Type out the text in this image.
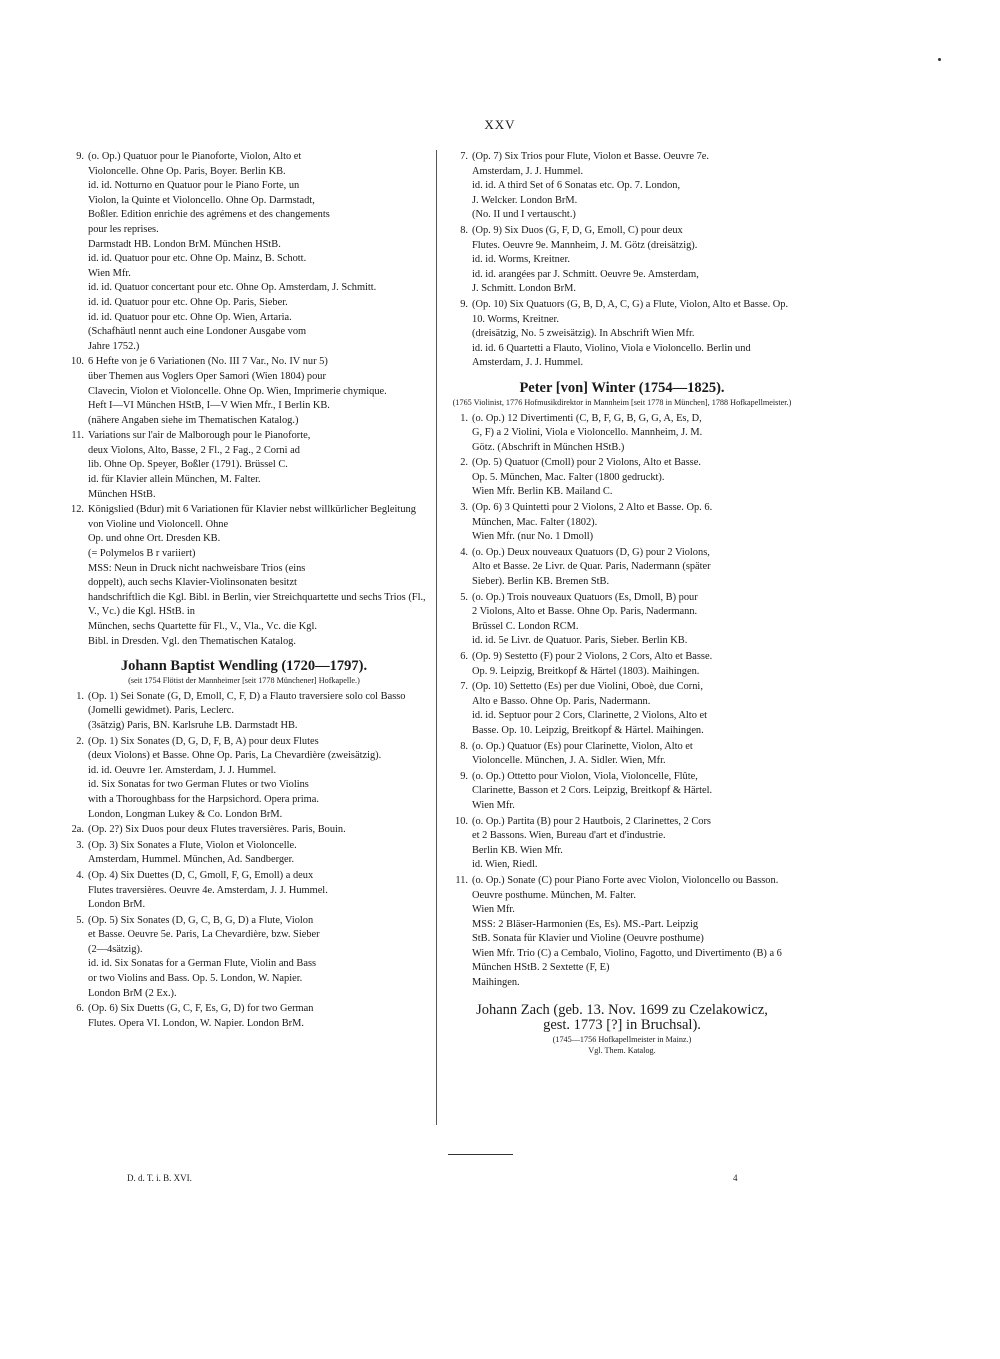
XXV
9. (o. Op.) Quatuor pour le Pianoforte, Violon, Alto et
Violoncelle. Ohne Op. Paris, Boyer. Berlin KB.
id. id. Notturno en Quatuor pour le Piano Forte, un
Violon, la Quinte et Violoncello. Ohne Op. Darmstadt,
Boßler. Edition enrichie des agrémens et des changements
pour les reprises.
Darmstadt HB. London BrM. München HStB.
id. id. Quatuor pour etc. Ohne Op. Mainz, B. Schott.
Wien Mfr.
id. id. Quatuor concertant pour etc. Ohne Op. Amsterdam, J. Schmitt.
id. id. Quatuor pour etc. Ohne Op. Paris, Sieber.
id. id. Quatuor pour etc. Ohne Op. Wien, Artaria.
(Schafhäutl nennt auch eine Londoner Ausgabe vom
Jahre 1752.)
10. 6 Hefte von je 6 Variationen (No. III 7 Var., No. IV nur 5)
über Themen aus Voglers Oper Samori (Wien 1804) pour
Clavecin, Violon et Violoncelle. Ohne Op. Wien, Imprimerie chymique.
Heft I—VI München HStB, I—V Wien Mfr., I Berlin KB.
(nähere Angaben siehe im Thematischen Katalog.)
11. Variations sur l'air de Malborough pour le Pianoforte,
deux Violons, Alto, Basse, 2 Fl., 2 Fag., 2 Corni ad
lib. Ohne Op. Speyer, Boßler (1791). Brüssel C.
id. für Klavier allein München, M. Falter.
München HStB.
12. Königslied (Bdur) mit 6 Variationen für Klavier nebst willkürlicher Begleitung von Violine und Violoncell. Ohne
Op. und ohne Ort. Dresden KB.
(= Polymelos B r variiert)
MSS: Neun in Druck nicht nachweisbare Trios (eins
doppelt), auch sechs Klavier-Violinsonaten besitzt
handschriftlich die Kgl. Bibl. in Berlin, vier Streichquartette und sechs Trios (Fl., V., Vc.) die Kgl. HStB. in
München, sechs Quartette für Fl., V., Vla., Vc. die Kgl.
Bibl. in Dresden. Vgl. den Thematischen Katalog.
Johann Baptist Wendling (1720—1797).
(seit 1754 Flötist der Mannheimer [seit 1778 Münchener] Hofkapelle.)
1. (Op. 1) Sei Sonate (G, D, Emoll, C, F, D) a Flauto traversiere solo col Basso (Jomelli gewidmet). Paris, Leclerc.
(3sätzig) Paris, BN. Karlsruhe LB. Darmstadt HB.
2. (Op. 1) Six Sonates (D, G, D, F, B, A) pour deux Flutes
(deux Violons) et Basse. Ohne Op. Paris, La Chevardière (zweisätzig).
id. id. Oeuvre 1er. Amsterdam, J. J. Hummel.
id. Six Sonatas for two German Flutes or two Violins
with a Thoroughbass for the Harpsichord. Opera prima.
London, Longman Lukey & Co. London BrM.
2a. (Op. 2?) Six Duos pour deux Flutes traversières. Paris, Bouin.
3. (Op. 3) Six Sonates a Flute, Violon et Violoncelle.
Amsterdam, Hummel. München, Ad. Sandberger.
4. (Op. 4) Six Duettes (D, C, Gmoll, F, G, Emoll) a deux
Flutes traversières. Oeuvre 4e. Amsterdam, J. J. Hummel.
London BrM.
5. (Op. 5) Six Sonates (D, G, C, B, G, D) a Flute, Violon
et Basse. Oeuvre 5e. Paris, La Chevardière, bzw. Sieber
(2—4sätzig).
id. id. Six Sonatas for a German Flute, Violin and Bass
or two Violins and Bass. Op. 5. London, W. Napier.
London BrM (2 Ex.).
6. (Op. 6) Six Duetts (G, C, F, Es, G, D) for two German
Flutes. Opera VI. London, W. Napier. London BrM.
7. (Op. 7) Six Trios pour Flute, Violon et Basse. Oeuvre 7e.
Amsterdam, J. J. Hummel.
id. id. A third Set of 6 Sonatas etc. Op. 7. London,
J. Welcker. London BrM.
(No. II und I vertauscht.)
8. (Op. 9) Six Duos (G, F, D, G, Emoll, C) pour deux
Flutes. Oeuvre 9e. Mannheim, J. M. Götz (dreisätzig).
id. id. Worms, Kreitner.
id. id. arangées par J. Schmitt. Oeuvre 9e. Amsterdam,
J. Schmitt. London BrM.
9. (Op. 10) Six Quatuors (G, B, D, A, C, G) a Flute, Violon, Alto et Basse. Op. 10. Worms, Kreitner.
(dreisätzig, No. 5 zweisätzig). In Abschrift Wien Mfr.
id. id. 6 Quartetti a Flauto, Violino, Viola e Violoncello. Berlin und Amsterdam, J. J. Hummel.
Peter [von] Winter (1754—1825).
(1765 Violinist, 1776 Hofmusikdirektor in Mannheim [seit 1778 in München], 1788 Hofkapellmeister.)
1. (o. Op.) 12 Divertimenti (C, B, F, G, B, G, G, A, Es, D,
G, F) a 2 Violini, Viola e Violoncello. Mannheim, J. M.
Götz. (Abschrift in München HStB.)
2. (Op. 5) Quatuor (Cmoll) pour 2 Violons, Alto et Basse.
Op. 5. München, Mac. Falter (1800 gedruckt).
Wien Mfr. Berlin KB. Mailand C.
3. (Op. 6) 3 Quintetti pour 2 Violons, 2 Alto et Basse. Op. 6.
München, Mac. Falter (1802).
Wien Mfr. (nur No. 1 Dmoll)
4. (o. Op.) Deux nouveaux Quatuors (D, G) pour 2 Violons,
Alto et Basse. 2e Livr. de Quar. Paris, Nadermann (später
Sieber). Berlin KB. Bremen StB.
5. (o. Op.) Trois nouveaux Quatuors (Es, Dmoll, B) pour
2 Violons, Alto et Basse. Ohne Op. Paris, Nadermann.
Brüssel C. London RCM.
id. id. 5e Livr. de Quatuor. Paris, Sieber. Berlin KB.
6. (Op. 9) Sestetto (F) pour 2 Violons, 2 Cors, Alto et Basse.
Op. 9. Leipzig, Breitkopf & Härtel (1803). Maihingen.
7. (Op. 10) Settetto (Es) per due Violini, Oboè, due Corni,
Alto e Basso. Ohne Op. Paris, Nadermann.
id. id. Septuor pour 2 Cors, Clarinette, 2 Violons, Alto et
Basse. Op. 10. Leipzig, Breitkopf & Härtel. Maihingen.
8. (o. Op.) Quatuor (Es) pour Clarinette, Violon, Alto et
Violoncelle. München, J. A. Sidler. Wien, Mfr.
9. (o. Op.) Ottetto pour Violon, Viola, Violoncelle, Flûte,
Clarinette, Basson et 2 Cors. Leipzig, Breitkopf & Härtel.
Wien Mfr.
10. (o. Op.) Partita (B) pour 2 Hautbois, 2 Clarinettes, 2 Cors
et 2 Bassons. Wien, Bureau d'art et d'industrie.
Berlin KB. Wien Mfr.
id. Wien, Riedl.
11. (o. Op.) Sonate (C) pour Piano Forte avec Violon, Violoncello ou Basson. Oeuvre posthume. München, M. Falter.
Wien Mfr.
MSS: 2 Bläser-Harmonien (Es, Es). MS.-Part. Leipzig
StB. Sonata für Klavier und Violine (Oeuvre posthume)
Wien Mfr. Trio (C) a Cembalo, Violino, Fagotto, und Divertimento (B) a 6 München HStB. 2 Sextette (F, E)
Maihingen.
Johann Zach (geb. 13. Nov. 1699 zu Czelakowicz,
gest. 1773 [?] in Bruchsal).
(1745—1756 Hofkapellmeister in Mainz.)
Vgl. Them. Katalog.
D. d. T. i. B. XVI.	4
